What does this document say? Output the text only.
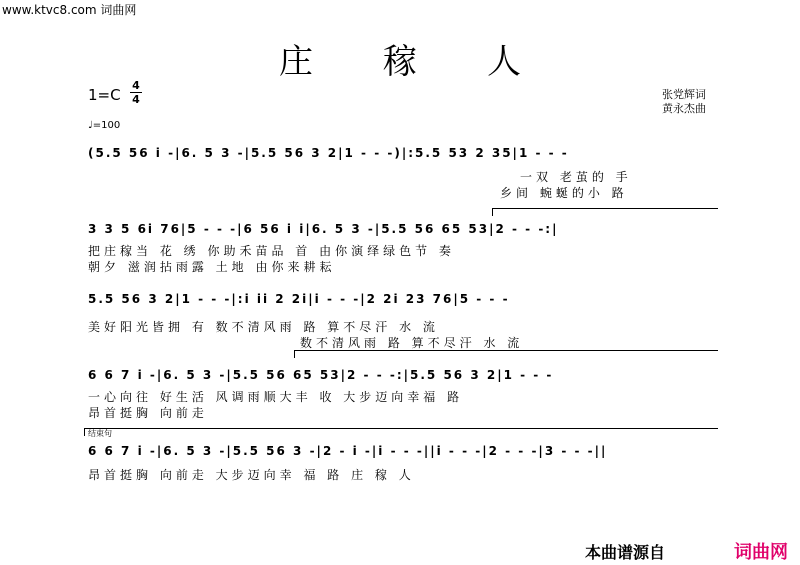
www.ktvc8.com 词曲网
庄稼人
1=C
4
4
♩=100
张党辉词
黄永杰曲
(5.5 56 i -|6. 5 3 -|5.5 56 3 2|1 - - -)|:5.5 53 2 35|1 - - -
一双 老茧的 手
乡间 蜿蜒的小 路
3 3 5 6i 76|5 - - -|6 56 i i|6. 5 3 -|5.5 56 65 53|2 - - -:|
把庄稼当 花 绣 你助禾苗品 首 由你演绎绿色节 奏
朝夕 滋润拈雨露 土地 由你来耕耘
5.5 56 3 2|1 - - -|:i ii 2 2i|i - - -|2 2i 23 76|5 - - -
美好阳光皆拥 有 数不清风雨 路 算不尽汗 水 流
数不清风雨 路 算不尽汗 水 流
6 6 7 i -|6. 5 3 -|5.5 56 65 53|2 - - -:|5.5 56 3 2|1 - - -
一心向往 好生活 风调雨顺大丰 收 大步迈向幸福 路
昂首挺胸 向前走
结束句
6 6 7 i -|6. 5 3 -|5.5 56 3 -|2 - i -|i - - -||i - - -|2 - - -|3 - - -||
昂首挺胸 向前走 大步迈向幸 福 路 庄 稼 人
本曲谱源自	词曲网
